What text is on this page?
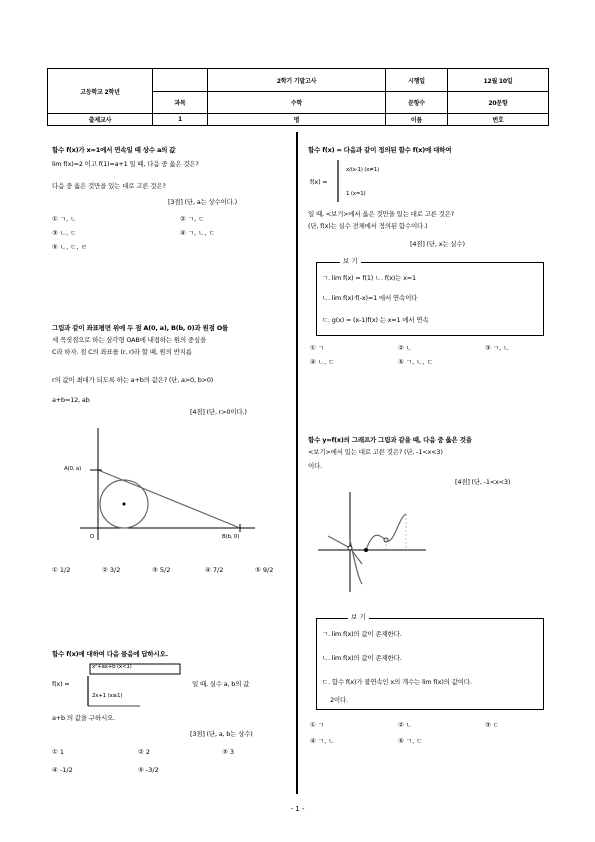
고등학교 2학년
2학기 기말고사	시행일	12월 10일
과목	수학	문항수	20문항
출제교사	1	명	이름	번호
함수 f(x)가 x=1에서 연속일 때 상수 a의 값
lim f(x)=2 이고 f(1)=a+1 일 때, 다음 중 옳은 것은?
다음 중 옳은 것만을 있는 대로 고른 것은?
[3점] (단, a는 상수이다.)
① ㄱ, ㄴ	② ㄱ, ㄷ
③ ㄴ, ㄷ	④ ㄱ, ㄴ, ㄷ
⑤ ㄴ, ㄷ, ㄹ
그림과 같이 좌표평면 위에 두 점 A(0, a), B(b, 0)과 원점 O를
세 꼭짓점으로 하는 삼각형 OAB에 내접하는 원의 중심을
C라 하자. 점 C의 좌표를 (r, r)라 할 때, 원의 반지름
r의 값이 최대가 되도록 하는 a+b의 값은? (단, a>0, b>0)
a+b=12, ab
[4점] (단, r>0이다.)
A(0, a)
B(b, 0)
O
① 1/2	② 3/2	③ 5/2	④ 7/2	⑤ 9/2
함수 f(x)에 대하여 다음 물음에 답하시오.
f(x) =
x²+ax+b (x<1)
2x+1 (x≥1)
일 때, 실수 a, b의 값
a+b 의 값을 구하시오.
[3점] (단, a, b는 상수)
① 1	② 2	③ 3
④ -1/2	⑤ -3/2
함수 f(x) = 다음과 같이 정의된 함수 f(x)에 대하여
f(x) =
x/(x-1) (x≠1)
1 (x=1)
일 때, <보기>에서 옳은 것만을 있는 대로 고른 것은?
(단, f(x)는 실수 전체에서 정의된 함수이다.)
[4점] (단, x는 실수)
보 기
ㄱ. lim f(x) = f(1) ㄴ. f(x)는 x=1
ㄴ. lim f(x)·f(-x)=1 에서 연속이다
ㄷ. g(x) = (x-1)f(x) 는 x=1 에서 연속
① ㄱ	② ㄴ	③ ㄱ, ㄴ
④ ㄴ, ㄷ	⑤ ㄱ, ㄴ, ㄷ
함수 y=f(x)의 그래프가 그림과 같을 때, 다음 중 옳은 것을
<보기>에서 있는 대로 고른 것은? (단, -1<x<3)
이다.
[4점] (단, -1<x<3)
보 기
ㄱ. lim f(x)의 값이 존재한다.
ㄴ. lim f(x)의 값이 존재한다.
ㄷ. 함수 f(x)가 불연속인 x의 개수는 lim f(x)의 값이다.
2이다.
① ㄱ	② ㄴ	③ ㄷ
④ ㄱ, ㄴ	⑤ ㄱ, ㄷ
- 1 -
